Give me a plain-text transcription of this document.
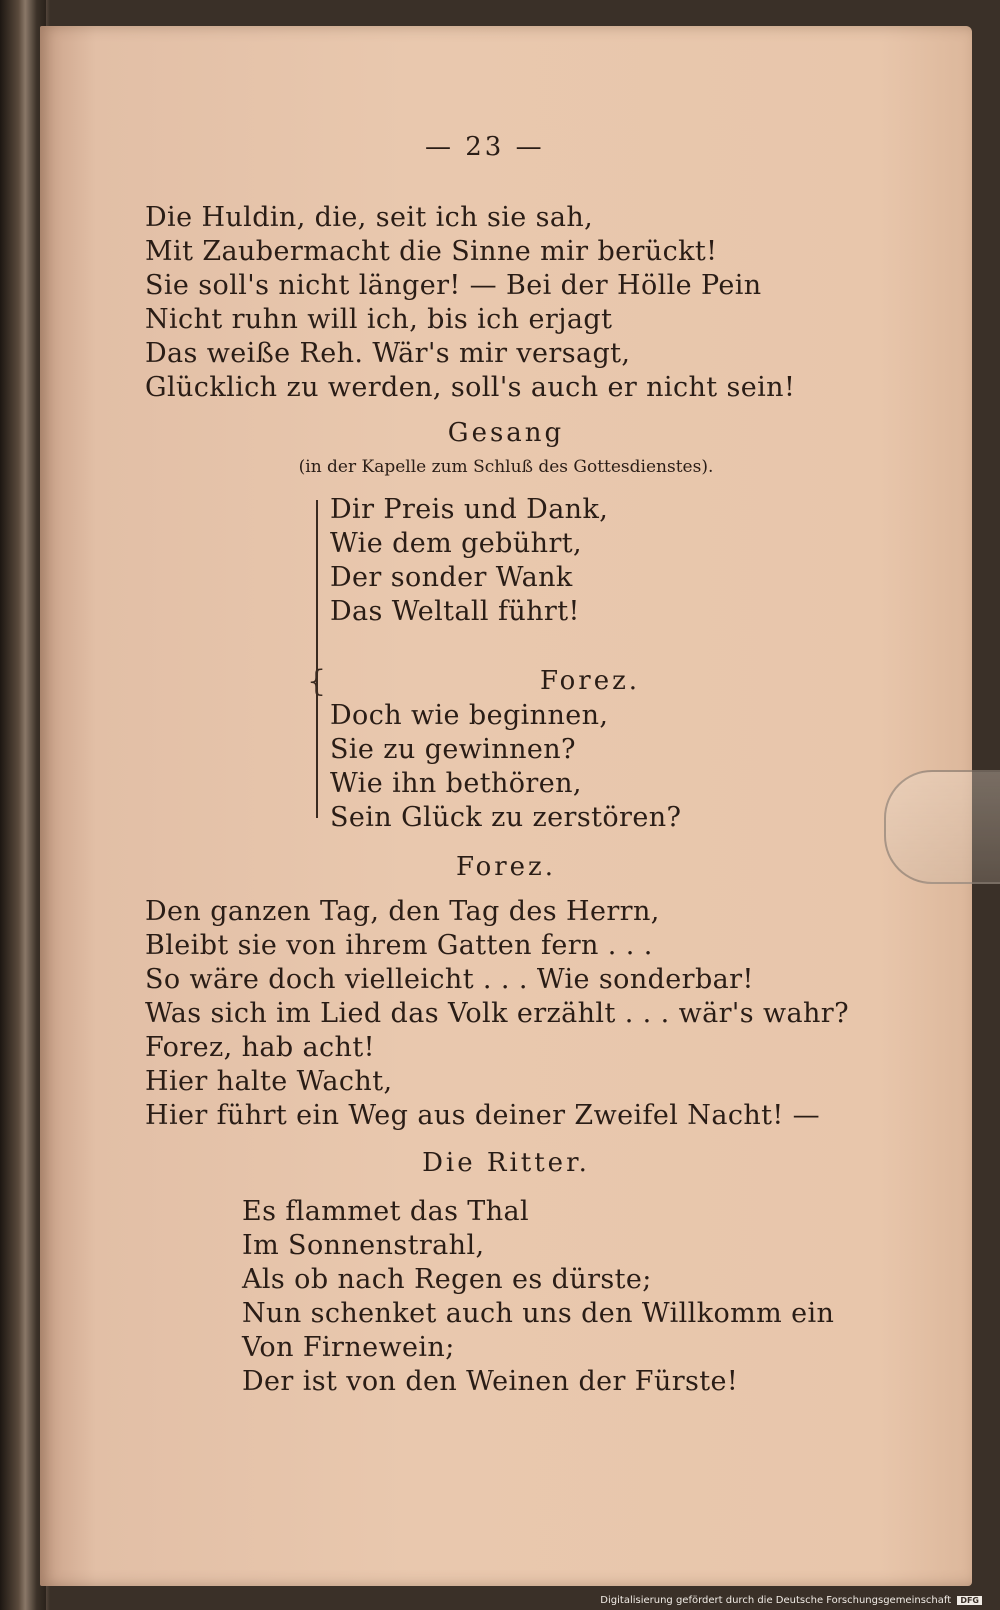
— 23 —
Die Huldin, die, seit ich sie sah,
Mit Zaubermacht die Sinne mir berückt!
Sie soll's nicht länger! — Bei der Hölle Pein
Nicht ruhn will ich, bis ich erjagt
Das weiße Reh. Wär's mir versagt,
Glücklich zu werden, soll's auch er nicht sein!
Gesang
(in der Kapelle zum Schluß des Gottesdienstes).
{
Dir Preis und Dank,
Wie dem gebührt,
Der sonder Wank
Das Weltall führt!
Forez.
Doch wie beginnen,
Sie zu gewinnen?
Wie ihn bethören,
Sein Glück zu zerstören?
Forez.
Den ganzen Tag, den Tag des Herrn,
Bleibt sie von ihrem Gatten fern . . .
So wäre doch vielleicht . . . Wie sonderbar!
Was sich im Lied das Volk erzählt . . . wär's wahr?
Forez, hab acht!
Hier halte Wacht,
Hier führt ein Weg aus deiner Zweifel Nacht! —
Die Ritter.
Es flammet das Thal
Im Sonnenstrahl,
Als ob nach Regen es dürste;
Nun schenket auch uns den Willkomm ein
Von Firnewein;
Der ist von den Weinen der Fürste!
Digitalisierung gefördert durch die Deutsche Forschungsgemeinschaft DFG
